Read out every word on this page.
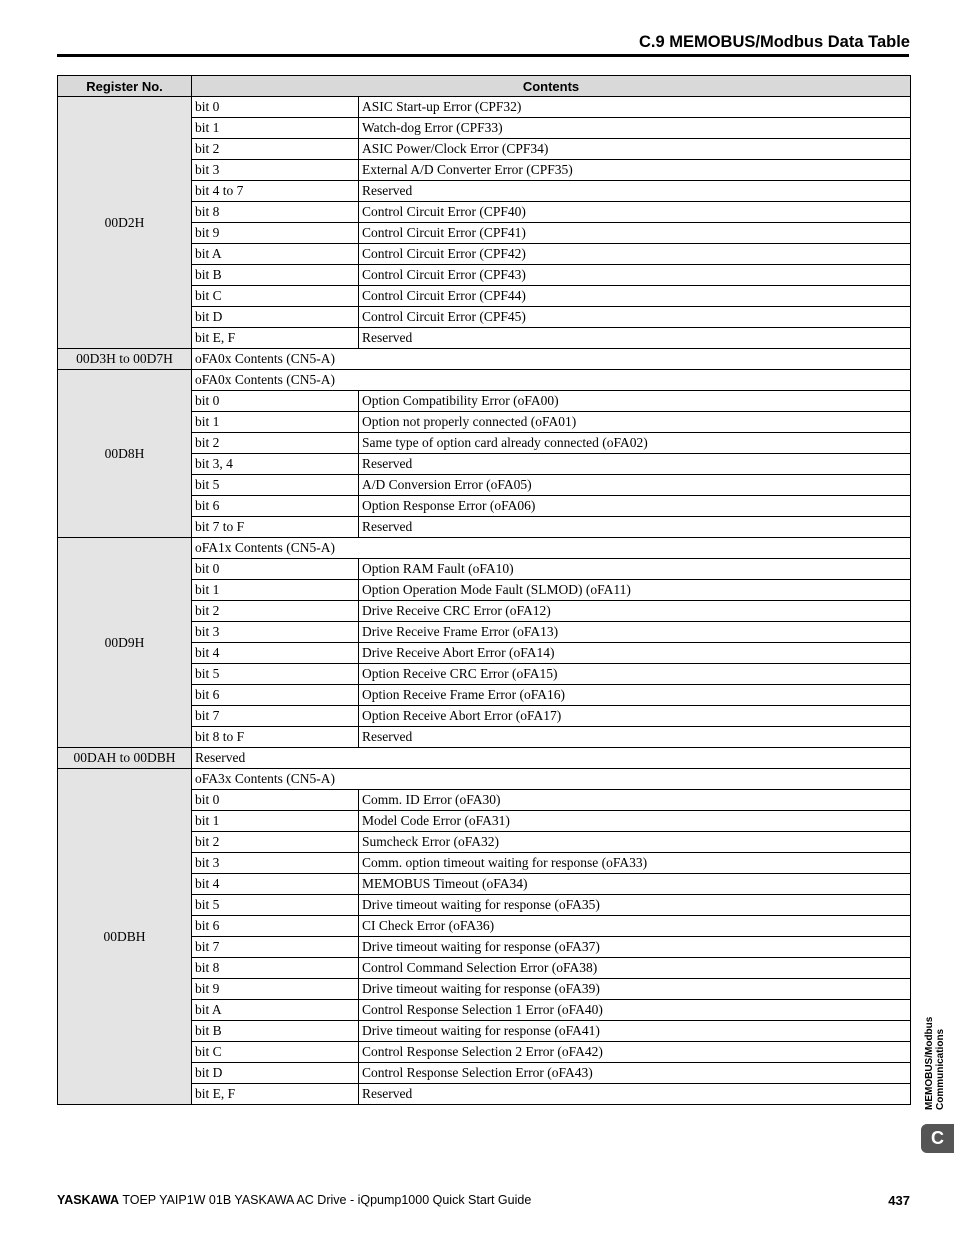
C.9 MEMOBUS/Modbus Data Table
Register No.	Contents	
00D2H	bit 0	ASIC Start-up Error (CPF32)
	bit 1	Watch-dog Error (CPF33)
	bit 2	ASIC Power/Clock Error (CPF34)
	bit 3	External A/D Converter Error (CPF35)
	bit 4 to 7	Reserved
	bit 8	Control Circuit Error (CPF40)
	bit 9	Control Circuit Error (CPF41)
	bit A	Control Circuit Error (CPF42)
	bit B	Control Circuit Error (CPF43)
	bit C	Control Circuit Error (CPF44)
	bit D	Control Circuit Error (CPF45)
	bit E, F	Reserved
00D3H to 00D7H	oFA0x Contents (CN5-A)	
00D8H	oFA0x Contents (CN5-A)	
	bit 0	Option Compatibility Error (oFA00)
	bit 1	Option not properly connected (oFA01)
	bit 2	Same type of option card already connected (oFA02)
	bit 3, 4	Reserved
	bit 5	A/D Conversion Error (oFA05)
	bit 6	Option Response Error (oFA06)
	bit 7 to F	Reserved
00D9H	oFA1x Contents (CN5-A)	
	bit 0	Option RAM Fault (oFA10)
	bit 1	Option Operation Mode Fault (SLMOD) (oFA11)
	bit 2	Drive Receive CRC Error (oFA12)
	bit 3	Drive Receive Frame Error (oFA13)
	bit 4	Drive Receive Abort Error (oFA14)
	bit 5	Option Receive CRC Error (oFA15)
	bit 6	Option Receive Frame Error (oFA16)
	bit 7	Option Receive Abort Error (oFA17)
	bit 8 to F	Reserved
00DAH to 00DBH	Reserved	
00DBH	oFA3x Contents (CN5-A)	
	bit 0	Comm. ID Error (oFA30)
	bit 1	Model Code Error (oFA31)
	bit 2	Sumcheck Error (oFA32)
	bit 3	Comm. option timeout waiting for response (oFA33)
	bit 4	MEMOBUS Timeout (oFA34)
	bit 5	Drive timeout waiting for response (oFA35)
	bit 6	CI Check Error (oFA36)
	bit 7	Drive timeout waiting for response (oFA37)
	bit 8	Control Command Selection Error (oFA38)
	bit 9	Drive timeout waiting for response (oFA39)
	bit A	Control Response Selection 1 Error (oFA40)
	bit B	Drive timeout waiting for response (oFA41)
	bit C	Control Response Selection 2 Error (oFA42)
	bit D	Control Response Selection Error (oFA43)
	bit E, F	Reserved	MEMOBUS/Modbus Communications
C
YASKAWA TOEP YAIP1W 01B YASKAWA AC Drive - iQpump1000 Quick Start Guide	437
